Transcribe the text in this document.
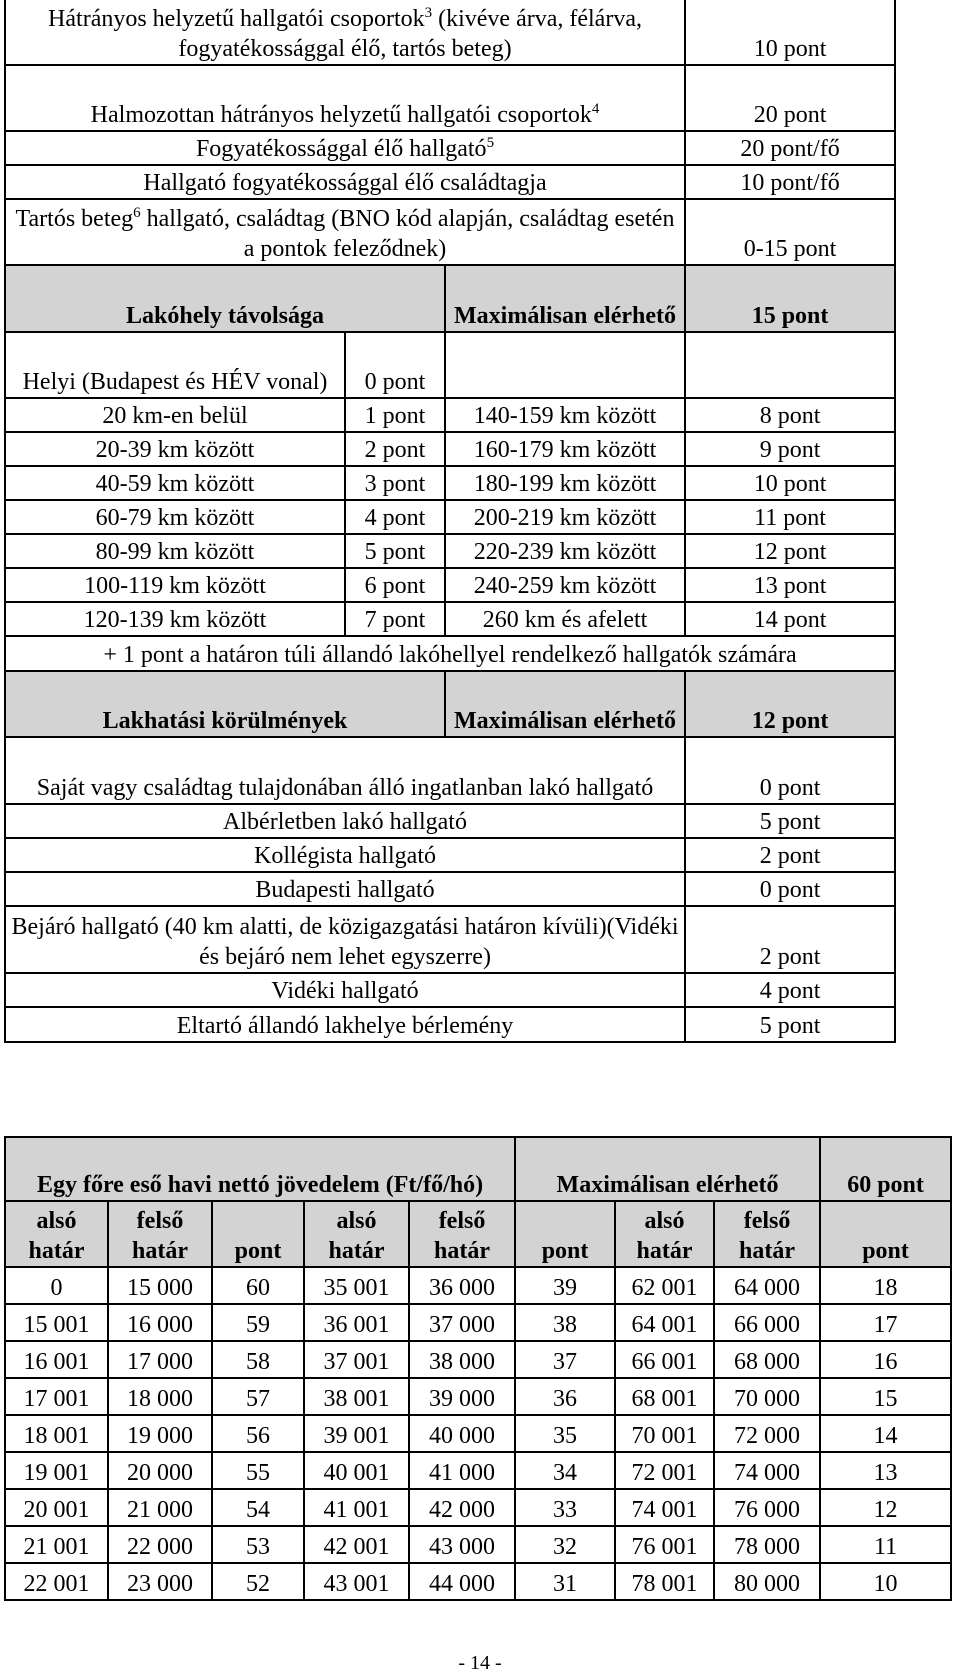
Hátrányos helyzetű hallgatói csoportok$^3$ (kivéve árva, félárva, fogyatékossággal élő, tartós beteg)			10 pont
Halmozottan hátrányos helyzetű hallgatói csoportok$^4$			20 pont
Fogyatékossággal élő hallgató$^5$			20 pont/fő
Hallgató fogyatékossággal élő családtagja			10 pont/fő
Tartós beteg$^6$ hallgató, családtag (BNO kód alapján, családtag esetén a pontok feleződnek)			0-15 pont
Lakóhely távolsága		Maximálisan elérhető	15 pont
Helyi (Budapest és HÉV vonal)	0 pont		
20 km-en belül	1 pont	140-159 km között	8 pont
20-39 km között	2 pont	160-179 km között	9 pont
40-59 km között	3 pont	180-199 km között	10 pont
60-79 km között	4 pont	200-219 km között	11 pont
80-99 km között	5 pont	220-239 km között	12 pont
100-119 km között	6 pont	240-259 km között	13 pont
120-139 km között	7 pont	260 km és afelett	14 pont
+ 1 pont a határon túli állandó lakóhellyel rendelkező hallgatók számára			
Lakhatási körülmények		Maximálisan elérhető	12 pont
Saját vagy családtag tulajdonában álló ingatlanban lakó hallgató			0 pont
Albérletben lakó hallgató			5 pont
Kollégista hallgató			2 pont
Budapesti hallgató			0 pont
Bejáró hallgató (40 km alatti, de közigazgatási határon kívüli)(Vidéki és bejáró nem lehet egyszerre)			2 pont
Vidéki hallgató			4 pont
Eltartó állandó lakhelye bérlemény			5 pont
Egy főre eső havi nettó jövedelem (Ft/fő/hó)					Maximálisan elérhető			60 pont
alsó határ	felső határ	pont	alsó határ	felső határ	pont	alsó határ	felső határ	pont
0	15 000	60	35 001	36 000	39	62 001	64 000	18
15 001	16 000	59	36 001	37 000	38	64 001	66 000	17
16 001	17 000	58	37 001	38 000	37	66 001	68 000	16
17 001	18 000	57	38 001	39 000	36	68 001	70 000	15
18 001	19 000	56	39 001	40 000	35	70 001	72 000	14
19 001	20 000	55	40 001	41 000	34	72 001	74 000	13
20 001	21 000	54	41 001	42 000	33	74 001	76 000	12
21 001	22 000	53	42 001	43 000	32	76 001	78 000	11
22 001	23 000	52	43 001	44 000	31	78 001	80 000	10
- 14 -
